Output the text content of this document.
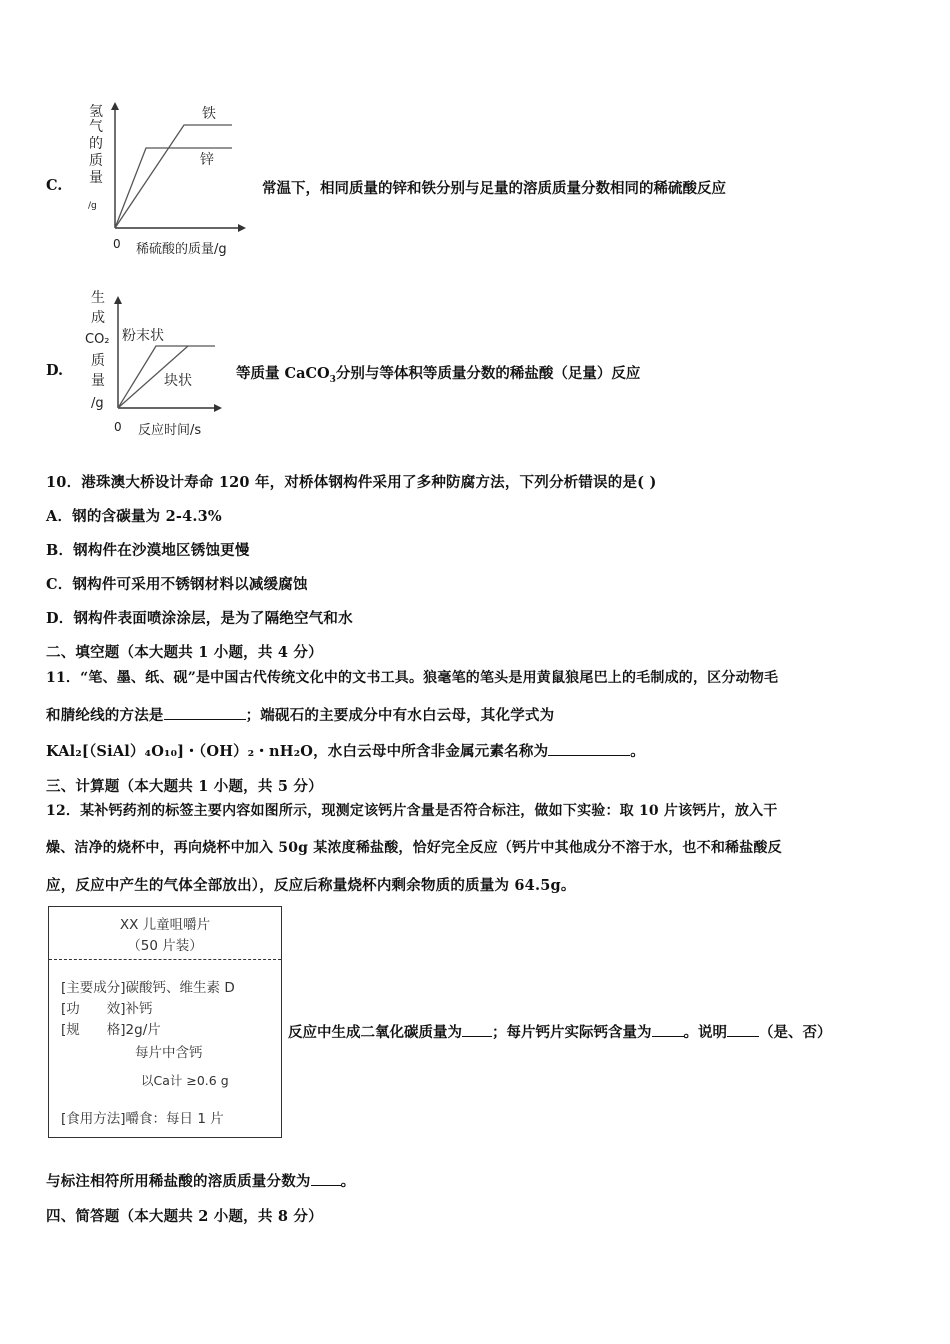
C.
氢
气
的
质
量
/g
铁
锌
0 稀硫酸的质量/g
常温下，相同质量的锌和铁分别与足量的溶质质量分数相同的稀硫酸反应
D.
生
成
CO₂
质
量
/g
粉末状
块状
0 反应时间/s
等质量 CaCO$_3$分别与等体积等质量分数的稀盐酸（足量）反应
10．港珠澳大桥设计寿命 120 年，对桥体钢构件采用了多种防腐方法，下列分析错误的是( )
A．钢的含碳量为 2-4.3%
B．钢构件在沙漠地区锈蚀更慢
C．钢构件可采用不锈钢材料以减缓腐蚀
D．钢构件表面喷涂涂层，是为了隔绝空气和水
二、填空题（本大题共 1 小题，共 4 分）
11．“笔、墨、纸、砚”是中国古代传统文化中的文书工具。狼毫笔的笔头是用黄鼠狼尾巴上的毛制成的，区分动物毛
和腈纶线的方法是	；端砚石的主要成分中有水白云母，其化学式为
KAl₂[（SiAl）₄O₁₀]・（OH）₂・nH₂O，水白云母中所含非金属元素名称为	。
三、计算题（本大题共 1 小题，共 5 分）
12．某补钙药剂的标签主要内容如图所示，现测定该钙片含量是否符合标注，做如下实验：取 10 片该钙片，放入干
燥、洁净的烧杯中，再向烧杯中加入 50g 某浓度稀盐酸，恰好完全反应（钙片中其他成分不溶于水，也不和稀盐酸反
应，反应中产生的气体全部放出），反应后称量烧杯内剩余物质的质量为 64.5g。
XX 儿童咀嚼片
（50 片装）
[主要成分]碳酸钙、维生素 D
[功　　效]补钙
[规　　格]2g/片
每片中含钙
以Ca计 ≥0.6 g
[食用方法]嚼食：每日 1 片
反应中生成二氧化碳质量为 ；每片钙片实际钙含量为 。说明 （是、否）
与标注相符所用稀盐酸的溶质质量分数为 。
四、简答题（本大题共 2 小题，共 8 分）
